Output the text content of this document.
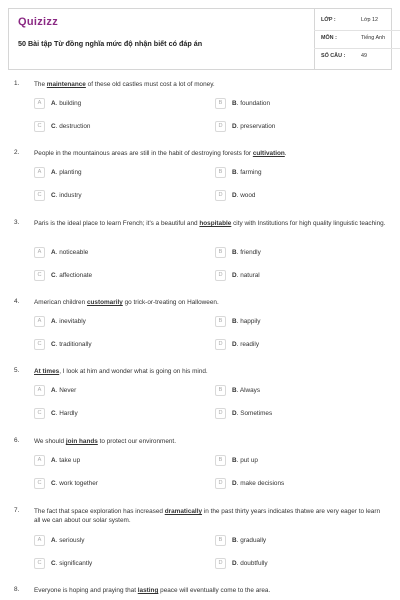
Quizizz
50 Bài tập Từ đồng nghĩa mức độ nhận biết có đáp án
LỚP :	Lớp 12
MÔN :	Tiếng Anh
SỐ CÂU :	49
1. The maintenance of these old castles must cost a lot of money.
A	A. building	B	B. foundation
C	C. destruction	D	D. preservation
2. People in the mountainous areas are still in the habit of destroying forests for cultivation.
A	A. planting	B	B. farming
C	C. industry	D	D. wood
3. Paris is the ideal place to learn French; it's a beautiful and hospitable city with Institutions for high quality linguistic teaching.
A	A. noticeable	B	B. friendly
C	C. affectionate	D	D. natural
4. American children customarily go trick-or-treating on Halloween.
A	A. inevitably	B	B. happily
C	C. traditionally	D	D. readily
5. At times, I look at him and wonder what is going on his mind.
A	A. Never	B	B. Always
C	C. Hardly	D	D. Sometimes
6. We should join hands to protect our environment.
A	A. take up	B	B. put up
C	C. work together	D	D. make decisions
7. The fact that space exploration has increased dramatically in the past thirty years indicates thatwe are very eager to learn all we can about our solar system.
A	A. seriously	B	B. gradually
C	C. significantly	D	D. doubtfully
8. Everyone is hoping and praying that lasting peace will eventually come to the area.
